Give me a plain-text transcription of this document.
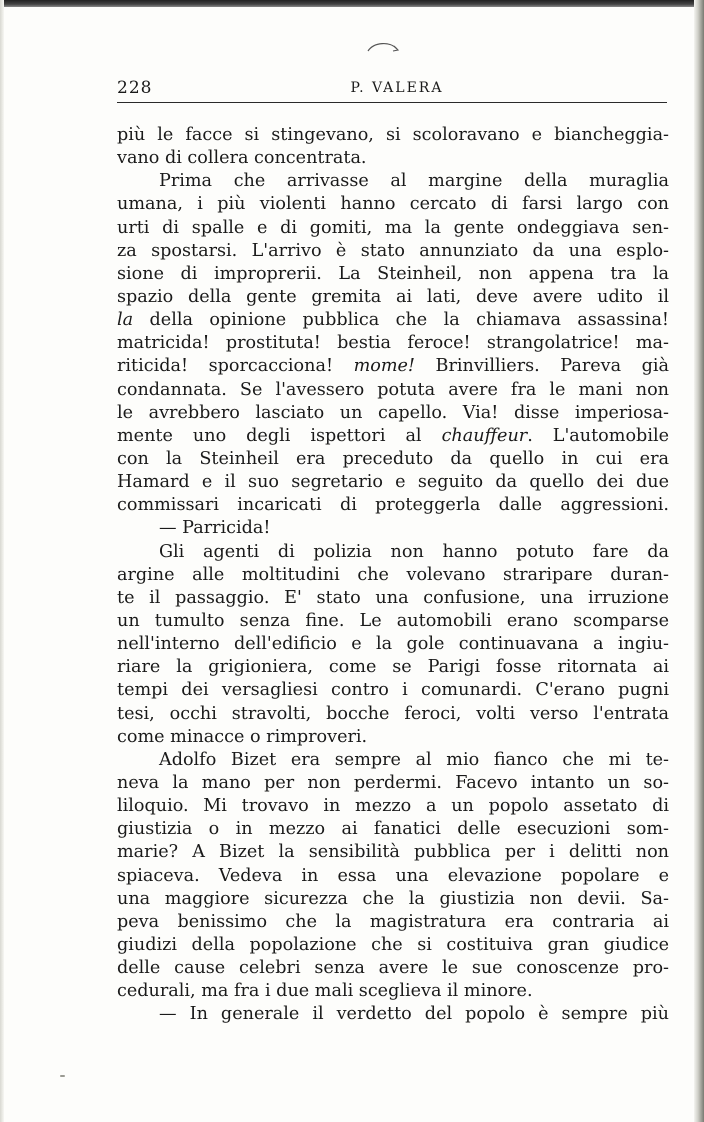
228	P. VALERA
più le facce si stingevano, si scoloravano e biancheggia-
vano di collera concentrata.
Prima che arrivasse al margine della muraglia
umana, i più violenti hanno cercato di farsi largo con
urti di spalle e di gomiti, ma la gente ondeggiava sen-
za spostarsi. L'arrivo è stato annunziato da una esplo-
sione di improprerii. La Steinheil, non appena tra la
spazio della gente gremita ai lati, deve avere udito il
la della opinione pubblica che la chiamava assassina!
matricida! prostituta! bestia feroce! strangolatrice! ma-
riticida! sporcacciona! mome! Brinvilliers. Pareva già
condannata. Se l'avessero potuta avere fra le mani non
le avrebbero lasciato un capello. Via! disse imperiosa-
mente uno degli ispettori al chauffeur. L'automobile
con la Steinheil era preceduto da quello in cui era
Hamard e il suo segretario e seguito da quello dei due
commissari incaricati di proteggerla dalle aggressioni.
— Parricida!
Gli agenti di polizia non hanno potuto fare da
argine alle moltitudini che volevano straripare duran-
te il passaggio. E' stato una confusione, una irruzione
un tumulto senza fine. Le automobili erano scomparse
nell'interno dell'edificio e la gole continuavana a ingiu-
riare la grigioniera, come se Parigi fosse ritornata ai
tempi dei versagliesi contro i comunardi. C'erano pugni
tesi, occhi stravolti, bocche feroci, volti verso l'entrata
come minacce o rimproveri.
Adolfo Bizet era sempre al mio fianco che mi te-
neva la mano per non perdermi. Facevo intanto un so-
liloquio. Mi trovavo in mezzo a un popolo assetato di
giustizia o in mezzo ai fanatici delle esecuzioni som-
marie? A Bizet la sensibilità pubblica per i delitti non
spiaceva. Vedeva in essa una elevazione popolare e
una maggiore sicurezza che la giustizia non devii. Sa-
peva benissimo che la magistratura era contraria ai
giudizi della popolazione che si costituiva gran giudice
delle cause celebri senza avere le sue conoscenze pro-
cedurali, ma fra i due mali sceglieva il minore.
— In generale il verdetto del popolo è sempre più
